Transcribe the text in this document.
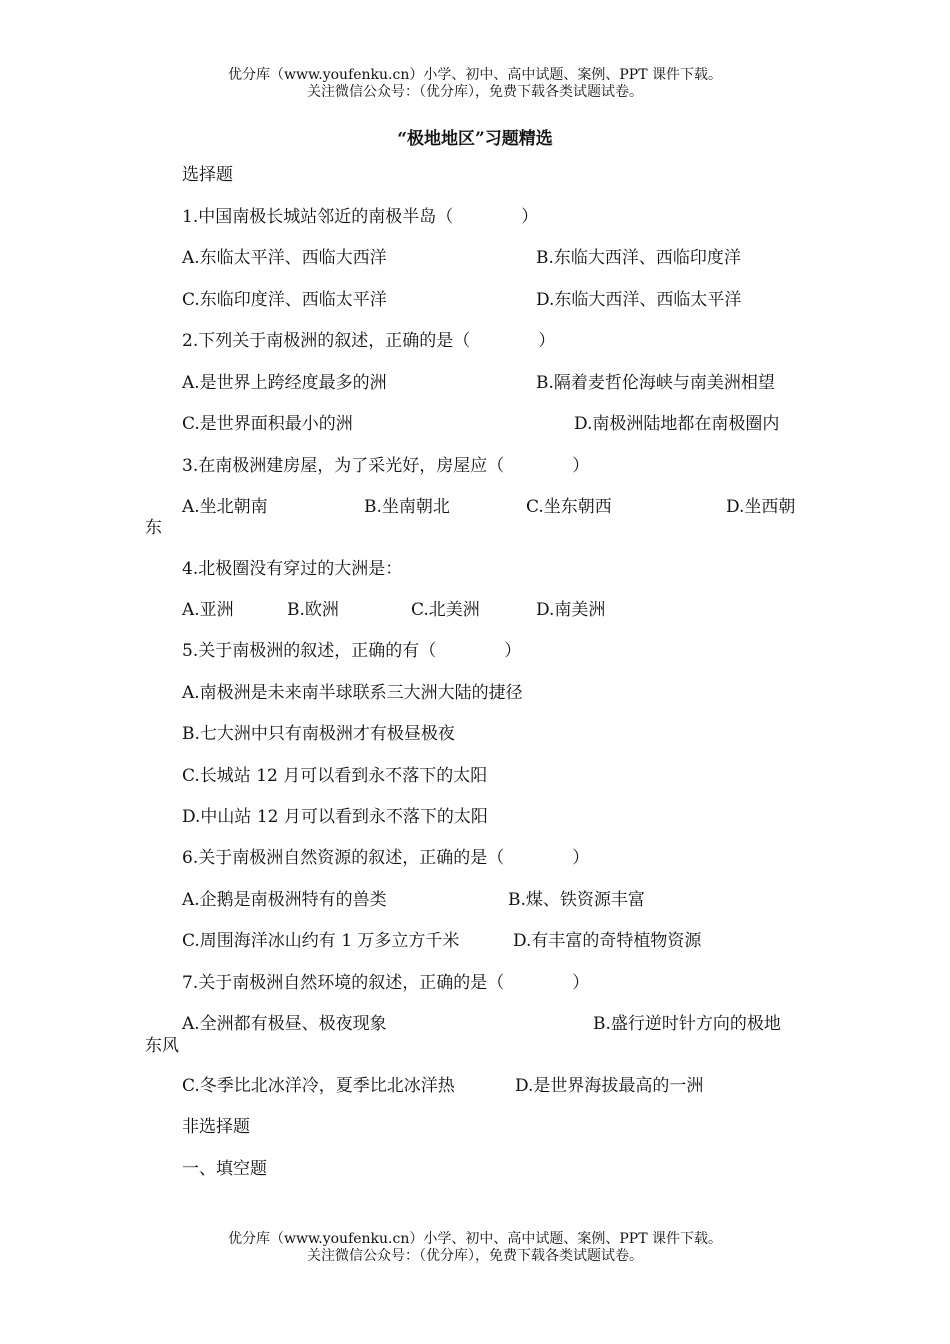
优分库（www.youfenku.cn）小学、初中、高中试题、案例、PPT 课件下载。
关注微信公众号：（优分库），免费下载各类试题试卷。
“极地地区”习题精选
选择题
1.中国南极长城站邻近的南极半岛（　　　　）
A.东临太平洋、西临大西洋	B.东临大西洋、西临印度洋
C.东临印度洋、西临太平洋	D.东临大西洋、西临太平洋
2.下列关于南极洲的叙述，正确的是（　　　　）
A.是世界上跨经度最多的洲	B.隔着麦哲伦海峡与南美洲相望
C.是世界面积最小的洲	D.南极洲陆地都在南极圈内
3.在南极洲建房屋，为了采光好，房屋应（　　　　）
A.坐北朝南	B.坐南朝北	C.坐东朝西	D.坐西朝
东
4.北极圈没有穿过的大洲是：
A.亚洲	B.欧洲	C.北美洲	D.南美洲
5.关于南极洲的叙述，正确的有（　　　　）
A.南极洲是未来南半球联系三大洲大陆的捷径
B.七大洲中只有南极洲才有极昼极夜
C.长城站 12 月可以看到永不落下的太阳
D.中山站 12 月可以看到永不落下的太阳
6.关于南极洲自然资源的叙述，正确的是（　　　　）
A.企鹅是南极洲特有的兽类	B.煤、铁资源丰富
C.周围海洋冰山约有 1 万多立方千米	D.有丰富的奇特植物资源
7.关于南极洲自然环境的叙述，正确的是（　　　　）
A.全洲都有极昼、极夜现象	B.盛行逆时针方向的极地
东风
C.冬季比北冰洋冷，夏季比北冰洋热	D.是世界海拔最高的一洲
非选择题
一、填空题
优分库（www.youfenku.cn）小学、初中、高中试题、案例、PPT 课件下载。
关注微信公众号：（优分库），免费下载各类试题试卷。
